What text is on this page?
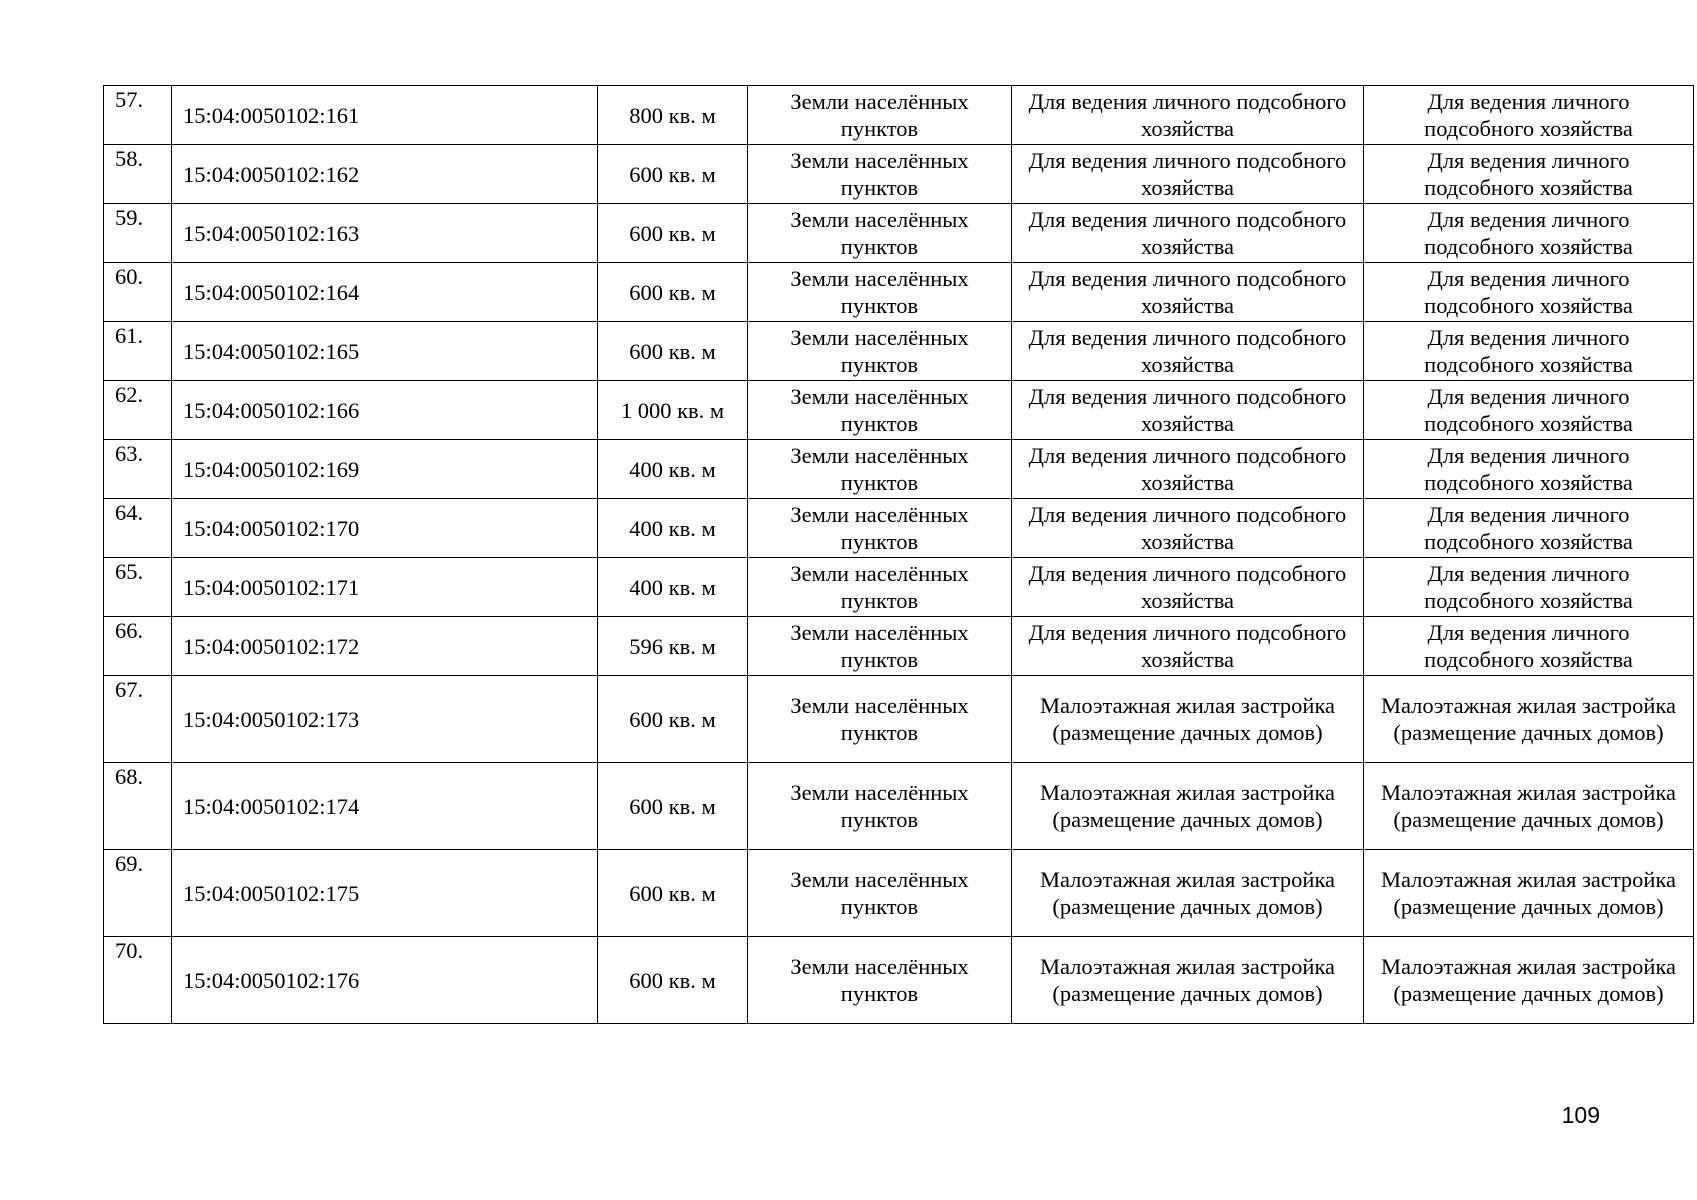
57.	15:04:0050102:161	800 кв. м	Земли населённых пунктов	Для ведения личного подсобного хозяйства	Для ведения личного подсобного хозяйства
58.	15:04:0050102:162	600 кв. м	Земли населённых пунктов	Для ведения личного подсобного хозяйства	Для ведения личного подсобного хозяйства
59.	15:04:0050102:163	600 кв. м	Земли населённых пунктов	Для ведения личного подсобного хозяйства	Для ведения личного подсобного хозяйства
60.	15:04:0050102:164	600 кв. м	Земли населённых пунктов	Для ведения личного подсобного хозяйства	Для ведения личного подсобного хозяйства
61.	15:04:0050102:165	600 кв. м	Земли населённых пунктов	Для ведения личного подсобного хозяйства	Для ведения личного подсобного хозяйства
62.	15:04:0050102:166	1 000 кв. м	Земли населённых пунктов	Для ведения личного подсобного хозяйства	Для ведения личного подсобного хозяйства
63.	15:04:0050102:169	400 кв. м	Земли населённых пунктов	Для ведения личного подсобного хозяйства	Для ведения личного подсобного хозяйства
64.	15:04:0050102:170	400 кв. м	Земли населённых пунктов	Для ведения личного подсобного хозяйства	Для ведения личного подсобного хозяйства
65.	15:04:0050102:171	400 кв. м	Земли населённых пунктов	Для ведения личного подсобного хозяйства	Для ведения личного подсобного хозяйства
66.	15:04:0050102:172	596 кв. м	Земли населённых пунктов	Для ведения личного подсобного хозяйства	Для ведения личного подсобного хозяйства
67.	15:04:0050102:173	600 кв. м	Земли населённых пунктов	Малоэтажная жилая застройка (размещение дачных домов)	Малоэтажная жилая застройка (размещение дачных домов)
68.	15:04:0050102:174	600 кв. м	Земли населённых пунктов	Малоэтажная жилая застройка (размещение дачных домов)	Малоэтажная жилая застройка (размещение дачных домов)
69.	15:04:0050102:175	600 кв. м	Земли населённых пунктов	Малоэтажная жилая застройка (размещение дачных домов)	Малоэтажная жилая застройка (размещение дачных домов)
70.	15:04:0050102:176	600 кв. м	Земли населённых пунктов	Малоэтажная жилая застройка (размещение дачных домов)	Малоэтажная жилая застройка (размещение дачных домов)
109
